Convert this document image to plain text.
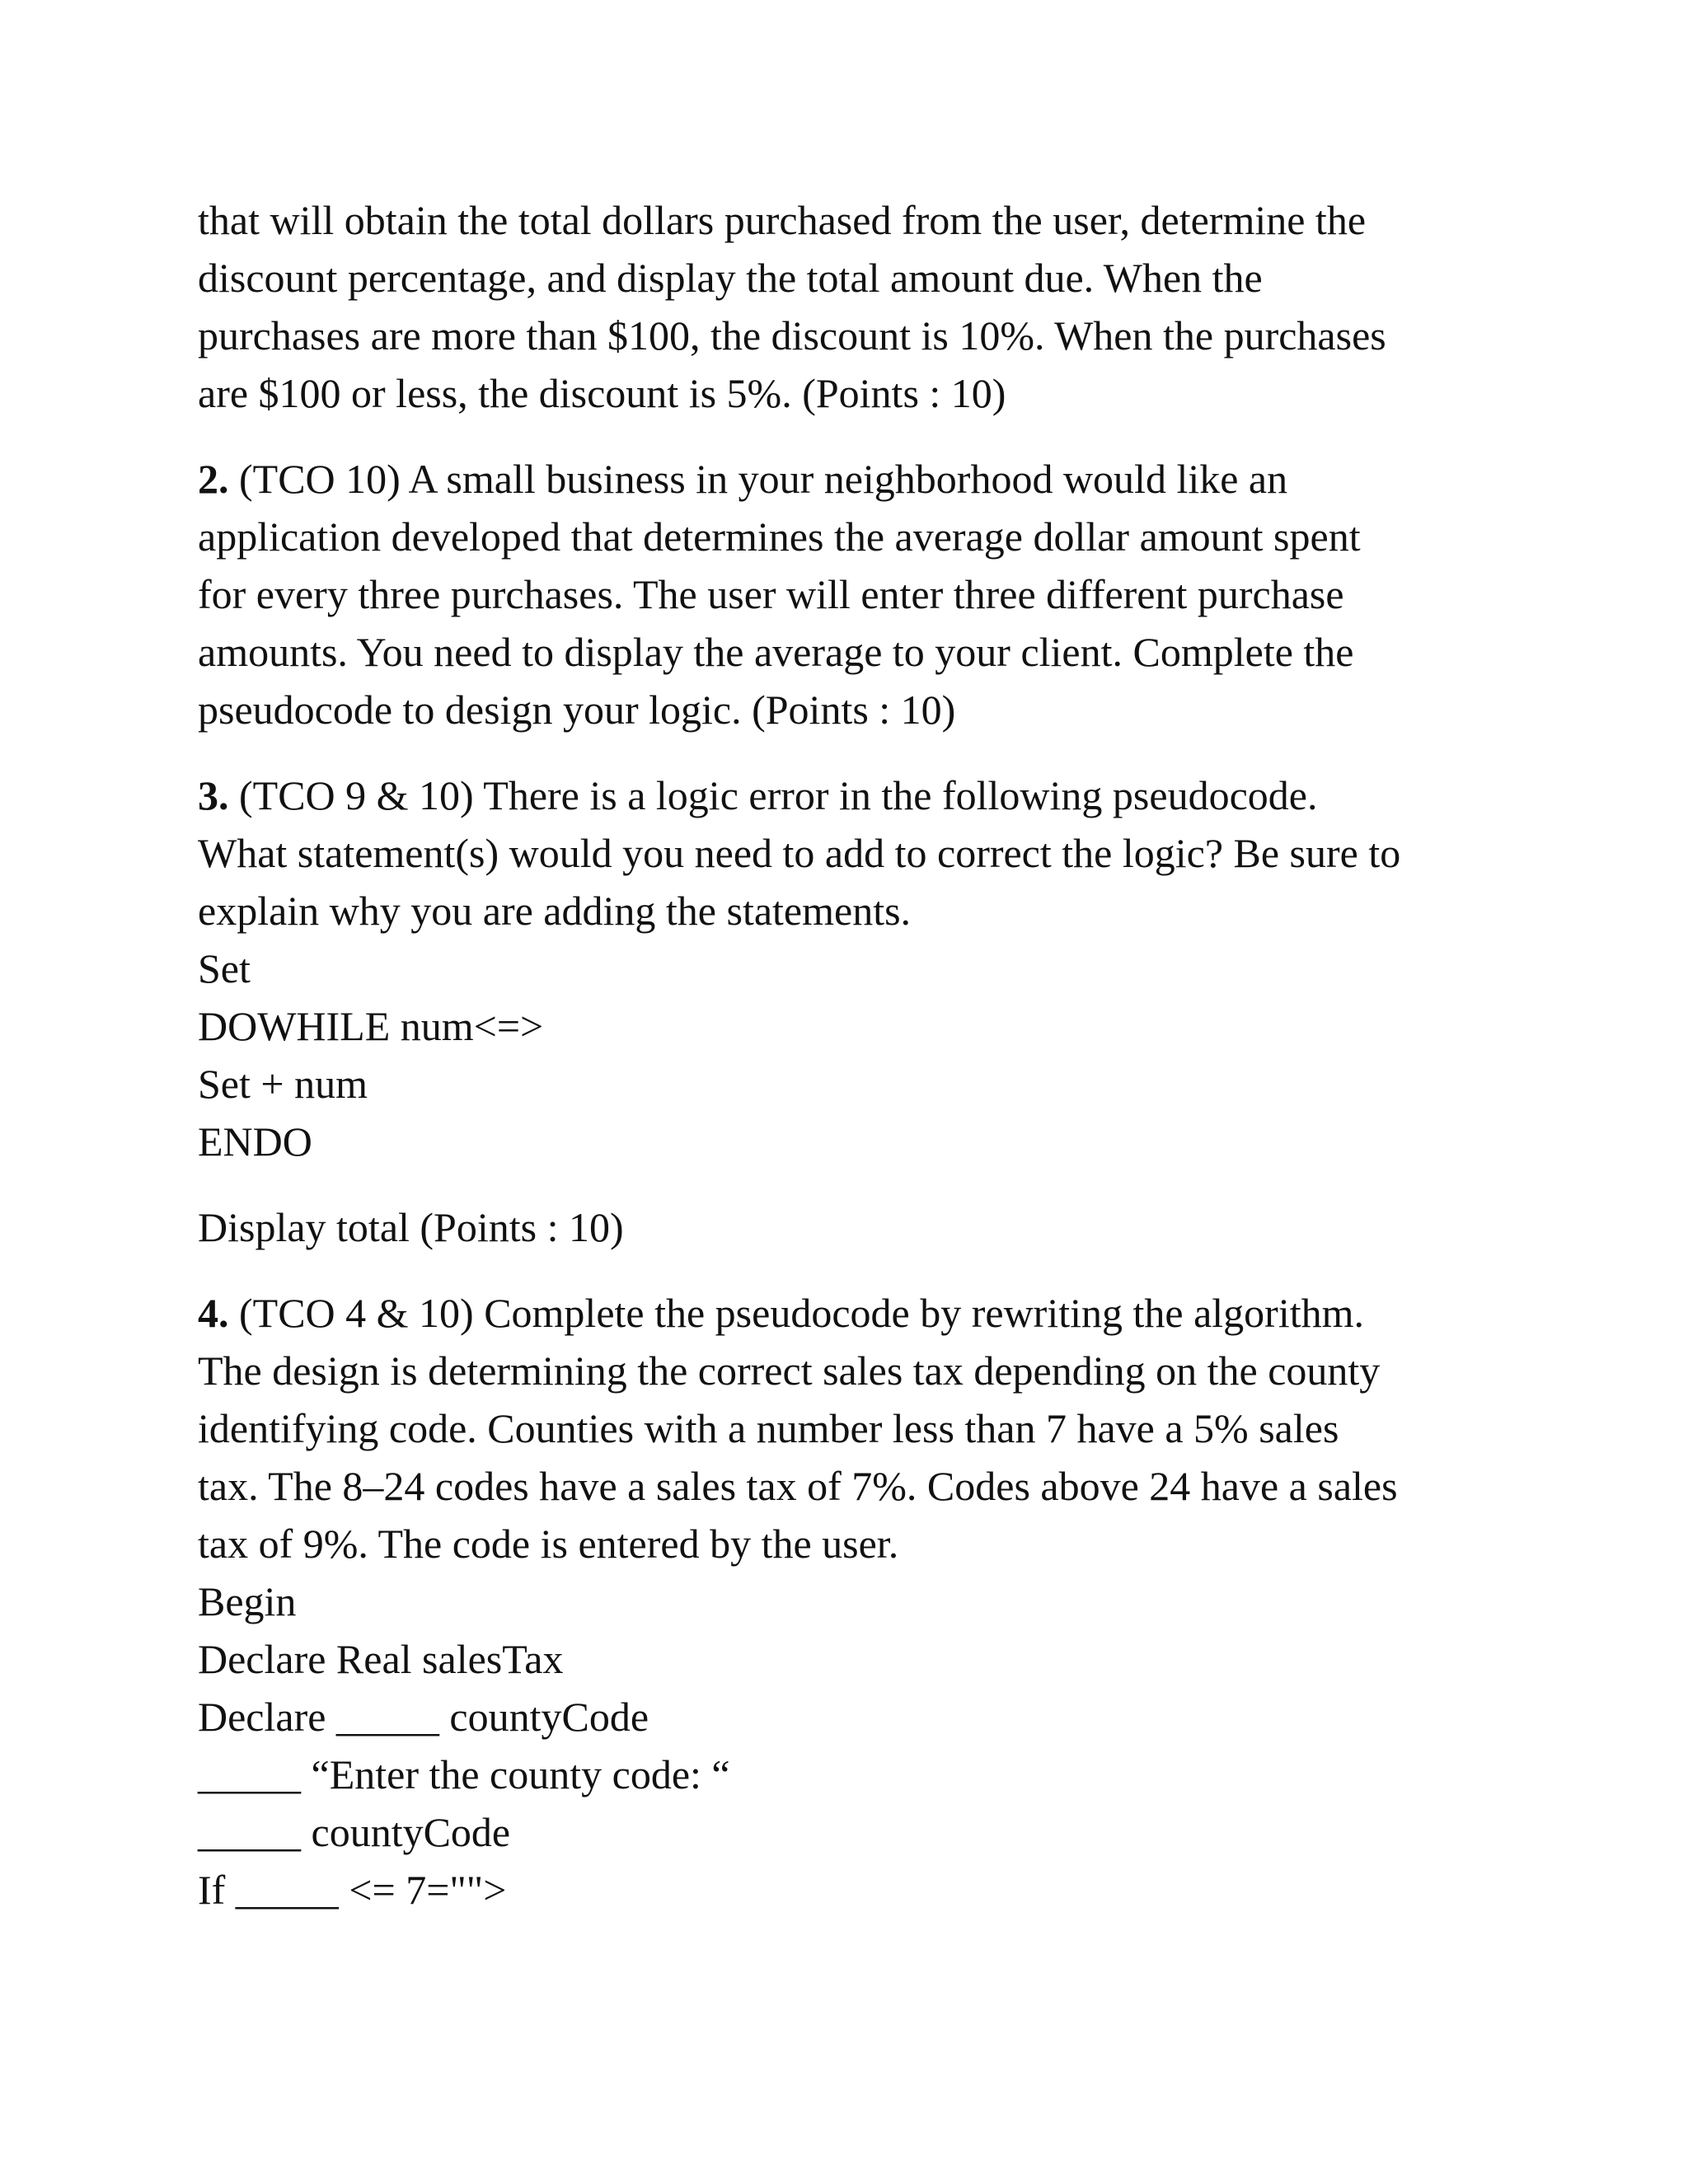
that will obtain the total dollars purchased from the user, determine the
discount percentage, and display the total amount due. When the
purchases are more than $100, the discount is 10%. When the purchases
are $100 or less, the discount is 5%. (Points : 10)

2. (TCO 10) A small business in your neighborhood would like an
application developed that determines the average dollar amount spent
for every three purchases. The user will enter three different purchase
amounts. You need to display the average to your client. Complete the
pseudocode to design your logic. (Points : 10)

3. (TCO 9 & 10) There is a logic error in the following pseudocode.
What statement(s) would you need to add to correct the logic? Be sure to
explain why you are adding the statements.
Set
DOWHILE num<=>
Set + num
ENDO

Display total (Points : 10)

4. (TCO 4 & 10) Complete the pseudocode by rewriting the algorithm.
The design is determining the correct sales tax depending on the county
identifying code. Counties with a number less than 7 have a 5% sales
tax. The 8–24 codes have a sales tax of 7%. Codes above 24 have a sales
tax of 9%. The code is entered by the user.
Begin
Declare Real salesTax
Declare _____ countyCode
_____ “Enter the county code: “
_____ countyCode
If _____ <= 7="">
